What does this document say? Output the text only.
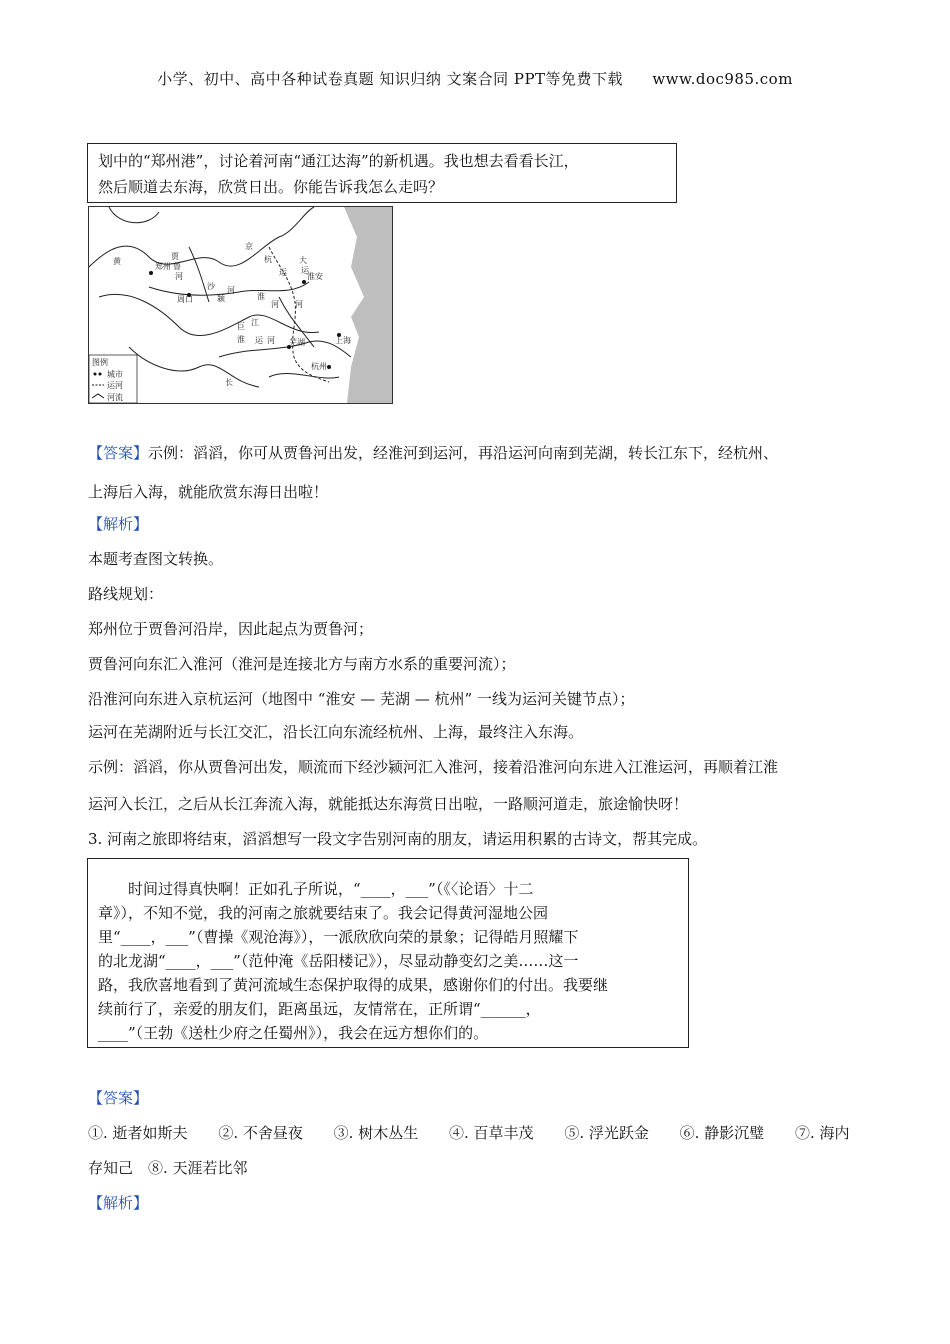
小学、初中、高中各种试卷真题 知识归纳 文案合同 PPT等免费下载 www.doc985.com
划中的“郑州港”，讨论着河南“通江达海”的新机遇。我也想去看看长江，
然后顺道去东海，欣赏日出。你能告诉我怎么走吗？
黄
郑州
贾
鲁
河
京
杭
运	淮安
周口
沙
颍
河
淮
河
巨 江
淮 运 河 芜湖	上海
杭州
长
河
大
运
图例
城市
运河
河流
【答案】示例：滔滔，你可从贾鲁河出发，经淮河到运河，再沿运河向南到芜湖，转长江东下，经杭州、
上海后入海，就能欣赏东海日出啦！
【解析】
本题考查图文转换。
路线规划：
郑州位于贾鲁河沿岸，因此起点为贾鲁河；
贾鲁河向东汇入淮河（淮河是连接北方与南方水系的重要河流）；
沿淮河向东进入京杭运河（地图中 “淮安 — 芜湖 — 杭州” 一线为运河关键节点）；
运河在芜湖附近与长江交汇，沿长江向东流经杭州、上海，最终注入东海。
示例：滔滔，你从贾鲁河出发，顺流而下经沙颍河汇入淮河，接着沿淮河向东进入江淮运河，再顺着江淮
运河入长江，之后从长江奔流入海，就能抵达东海赏日出啦，一路顺河道走，旅途愉快呀！
3. 河南之旅即将结束，滔滔想写一段文字告别河南的朋友，请运用积累的古诗文，帮其完成。
　　时间过得真快啊！正如孔子所说，“____，___”（《〈论语〉十二
章》），不知不觉，我的河南之旅就要结束了。我会记得黄河湿地公园
里“____，___”（曹操《观沧海》），一派欣欣向荣的景象；记得皓月照耀下
的北龙湖“____，___”（范仲淹《岳阳楼记》），尽显动静变幻之美……这一
路，我欣喜地看到了黄河流域生态保护取得的成果，感谢你们的付出。我要继
续前行了，亲爱的朋友们，距离虽远，友情常在，正所谓“______，
____”（王勃《送杜少府之任蜀州》），我会在远方想你们的。
【答案】
①. 逝者如斯夫 ②. 不舍昼夜 ③. 树木丛生 ④. 百草丰茂 ⑤. 浮光跃金 ⑥. 静影沉璧 ⑦. 海内
存知己　⑧. 天涯若比邻
【解析】
